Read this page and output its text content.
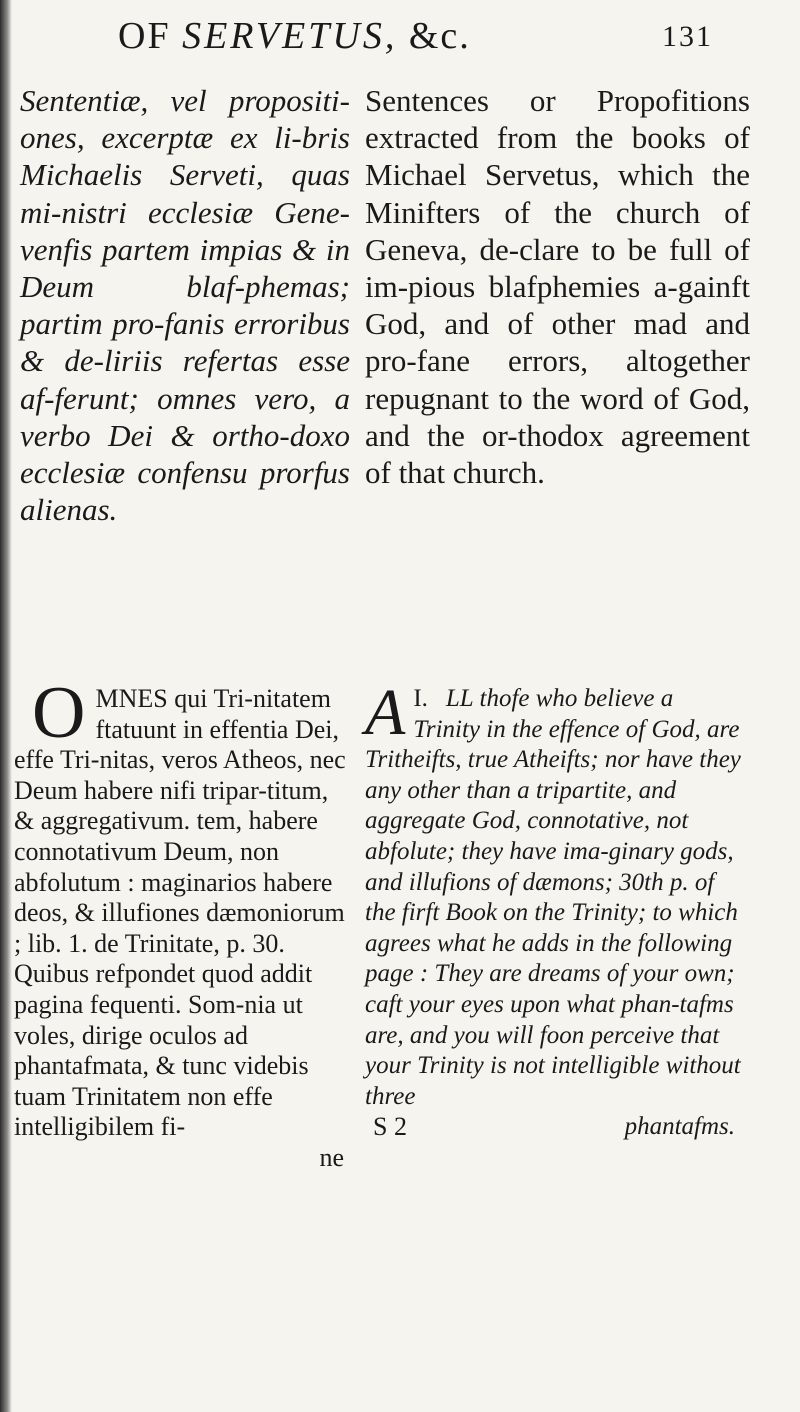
OF SERVETUS, &c.	131

Sententiæ, vel propositi-ones, excerptæ ex li-bris Michaelis Serveti, quas mi-nistri ecclesiæ Gene-venfis partem impias & in Deum blaf-phemas; partim pro-fanis erroribus & de-liriis refertas esse af-ferunt; omnes vero, a verbo Dei & ortho-doxo ecclesiæ confensu prorfus alienas.

Sentences or Propofitions extracted from the books of Michael Servetus, which the Minifters of the church of Geneva, de-clare to be full of im-pious blafphemies a-gainft God, and of other mad and pro-fane errors, altogether repugnant to the word of God, and the or-thodox agreement of that church.

OMNES qui Tri-nitatem ftatuunt in effentia Dei, effe Tri-nitas, veros Atheos, nec Deum habere nifi tripar-titum, & aggregativum. tem, habere connotativum Deum, non abfolutum : maginarios habere deos, & illufiones dæmoniorum ; lib. 1. de Trinitate, p. 30. Quibus refpondet quod addit pagina fequenti. Som-nia ut voles, dirige oculos ad phantafmata, & tunc videbis tuam Trinitatem non effe intelligibilem fi-

ne

I.
A LL thofe who believe a Trinity in the effence of God, are Tritheifts, true Atheifts; nor have they any other than a tripartite, and aggregate God, connotative, not abfolute; they have ima-ginary gods, and illufions of dæmons; 30th p. of the firft Book on the Trinity; to which agrees what he adds in the following page : They are dreams of your own; caft your eyes upon what phan-tafms are, and you will foon perceive that your Trinity is not intelligible without three

S 2	phantafms.
